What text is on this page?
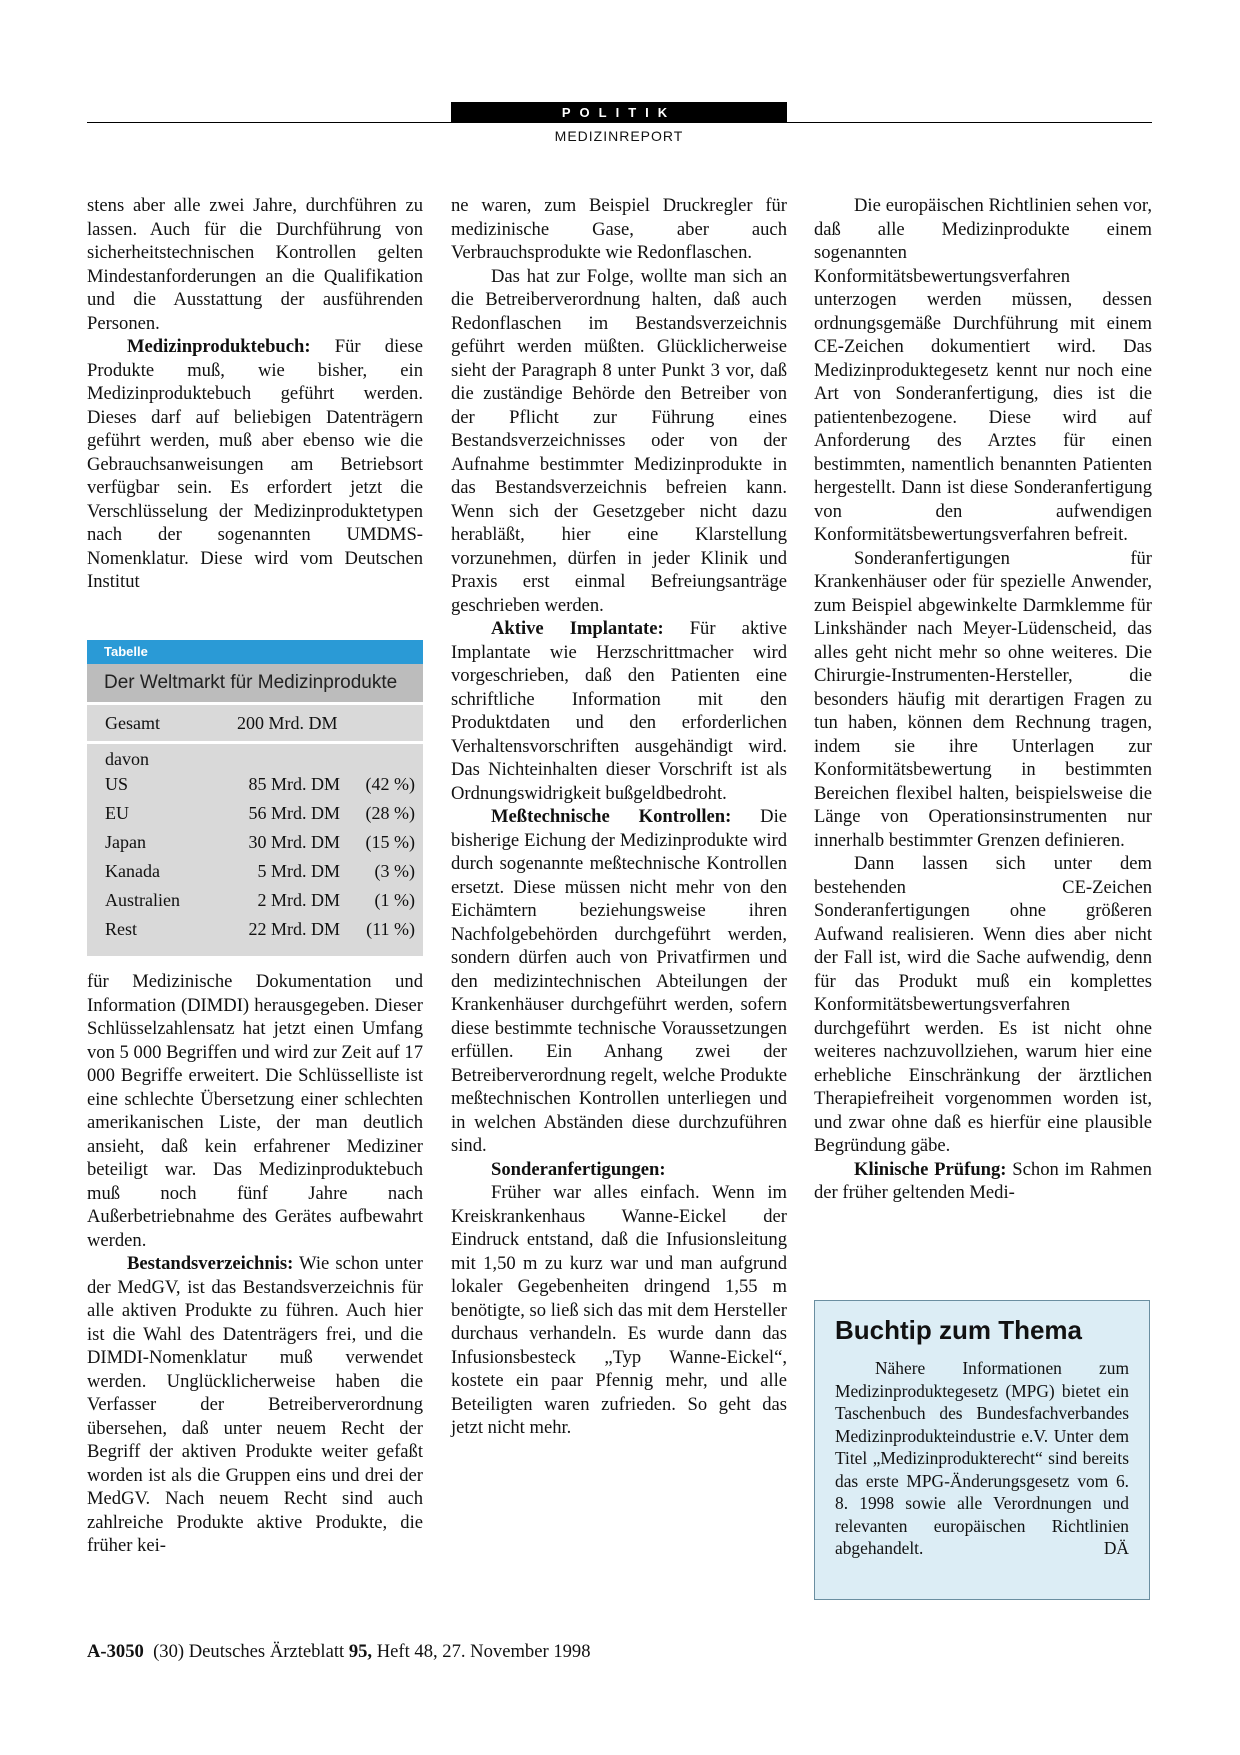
POLITIK
MEDIZINREPORT

stens aber alle zwei Jahre, durchführen zu lassen. Auch für die Durchführung von sicherheitstechnischen Kontrollen gelten Mindestanforderungen an die Qualifikation und die Ausstattung der ausführenden Personen.

Medizinproduktebuch: Für diese Produkte muß, wie bisher, ein Medizinproduktebuch geführt werden. Dieses darf auf beliebigen Datenträgern geführt werden, muß aber ebenso wie die Gebrauchsanweisungen am Betriebsort verfügbar sein. Es erfordert jetzt die Verschlüsselung der Medizinproduktetypen nach der sogenannten UMDMS-Nomenklatur. Diese wird vom Deutschen Institut

Tabelle
Der Weltmarkt für Medizinprodukte
Gesamt	200 Mrd. DM
davon
US	85 Mrd. DM (42 %)
EU	56 Mrd. DM (28 %)
Japan	30 Mrd. DM (15 %)
Kanada	5 Mrd. DM (3 %)
Australien	2 Mrd. DM (1 %)
Rest	22 Mrd. DM (11 %)

für Medizinische Dokumentation und Information (DIMDI) herausgegeben. Dieser Schlüsselzahlensatz hat jetzt einen Umfang von 5 000 Begriffen und wird zur Zeit auf 17 000 Begriffe erweitert. Die Schlüsselliste ist eine schlechte Übersetzung einer schlechten amerikanischen Liste, der man deutlich ansieht, daß kein erfahrener Mediziner beteiligt war. Das Medizinproduktebuch muß noch fünf Jahre nach Außerbetriebnahme des Gerätes aufbewahrt werden.

Bestandsverzeichnis: Wie schon unter der MedGV, ist das Bestandsverzeichnis für alle aktiven Produkte zu führen. Auch hier ist die Wahl des Datenträgers frei, und die DIMDI-Nomenklatur muß verwendet werden. Unglücklicherweise haben die Verfasser der Betreiberverordnung übersehen, daß unter neuem Recht der Begriff der aktiven Produkte weiter gefaßt worden ist als die Gruppen eins und drei der MedGV. Nach neuem Recht sind auch zahlreiche Produkte aktive Produkte, die früher kei-

ne waren, zum Beispiel Druckregler für medizinische Gase, aber auch Verbrauchsprodukte wie Redonflaschen.

Das hat zur Folge, wollte man sich an die Betreiberverordnung halten, daß auch Redonflaschen im Bestandsverzeichnis geführt werden müßten. Glücklicherweise sieht der Paragraph 8 unter Punkt 3 vor, daß die zuständige Behörde den Betreiber von der Pflicht zur Führung eines Bestandsverzeichnisses oder von der Aufnahme bestimmter Medizinprodukte in das Bestandsverzeichnis befreien kann. Wenn sich der Gesetzgeber nicht dazu herabläßt, hier eine Klarstellung vorzunehmen, dürfen in jeder Klinik und Praxis erst einmal Befreiungsanträge geschrieben werden.

Aktive Implantate: Für aktive Implantate wie Herzschrittmacher wird vorgeschrieben, daß den Patienten eine schriftliche Information mit den Produktdaten und den erforderlichen Verhaltensvorschriften ausgehändigt wird. Das Nichteinhalten dieser Vorschrift ist als Ordnungswidrigkeit bußgeldbedroht.

Meßtechnische Kontrollen: Die bisherige Eichung der Medizinprodukte wird durch sogenannte meßtechnische Kontrollen ersetzt. Diese müssen nicht mehr von den Eichämtern beziehungsweise ihren Nachfolgebehörden durchgeführt werden, sondern dürfen auch von Privatfirmen und den medizintechnischen Abteilungen der Krankenhäuser durchgeführt werden, sofern diese bestimmte technische Voraussetzungen erfüllen. Ein Anhang zwei der Betreiberverordnung regelt, welche Produkte meßtechnischen Kontrollen unterliegen und in welchen Abständen diese durchzuführen sind.

Sonderanfertigungen:

Früher war alles einfach. Wenn im Kreiskrankenhaus Wanne-Eickel der Eindruck entstand, daß die Infusionsleitung mit 1,50 m zu kurz war und man aufgrund lokaler Gegebenheiten dringend 1,55 m benötigte, so ließ sich das mit dem Hersteller durchaus verhandeln. Es wurde dann das Infusionsbesteck „Typ Wanne-Eickel“, kostete ein paar Pfennig mehr, und alle Beteiligten waren zufrieden. So geht das jetzt nicht mehr.

Die europäischen Richtlinien sehen vor, daß alle Medizinprodukte einem sogenannten Konformitätsbewertungsverfahren unterzogen werden müssen, dessen ordnungsgemäße Durchführung mit einem CE-Zeichen dokumentiert wird. Das Medizinproduktegesetz kennt nur noch eine Art von Sonderanfertigung, dies ist die patientenbezogene. Diese wird auf Anforderung des Arztes für einen bestimmten, namentlich benannten Patienten hergestellt. Dann ist diese Sonderanfertigung von den aufwendigen Konformitätsbewertungsverfahren befreit.

Sonderanfertigungen für Krankenhäuser oder für spezielle Anwender, zum Beispiel abgewinkelte Darmklemme für Linkshänder nach Meyer-Lüdenscheid, das alles geht nicht mehr so ohne weiteres. Die Chirurgie-Instrumenten-Hersteller, die besonders häufig mit derartigen Fragen zu tun haben, können dem Rechnung tragen, indem sie ihre Unterlagen zur Konformitätsbewertung in bestimmten Bereichen flexibel halten, beispielsweise die Länge von Operationsinstrumenten nur innerhalb bestimmter Grenzen definieren.

Dann lassen sich unter dem bestehenden CE-Zeichen Sonderanfertigungen ohne größeren Aufwand realisieren. Wenn dies aber nicht der Fall ist, wird die Sache aufwendig, denn für das Produkt muß ein komplettes Konformitätsbewertungsverfahren durchgeführt werden. Es ist nicht ohne weiteres nachzuvollziehen, warum hier eine erhebliche Einschränkung der ärztlichen Therapiefreiheit vorgenommen worden ist, und zwar ohne daß es hierfür eine plausible Begründung gäbe.

Klinische Prüfung: Schon im Rahmen der früher geltenden Medi-

Buchtip zum Thema
Nähere Informationen zum Medizinproduktegesetz (MPG) bietet ein Taschenbuch des Bundesfachverbandes Medizinprodukteindustrie e.V. Unter dem Titel „Medizinprodukterecht“ sind bereits das erste MPG-Änderungsgesetz vom 6. 8. 1998 sowie alle Verordnungen und relevanten europäischen Richtlinien abgehandelt.	DÄ
A-3050 (30) Deutsches Ärzteblatt 95, Heft 48, 27. November 1998
